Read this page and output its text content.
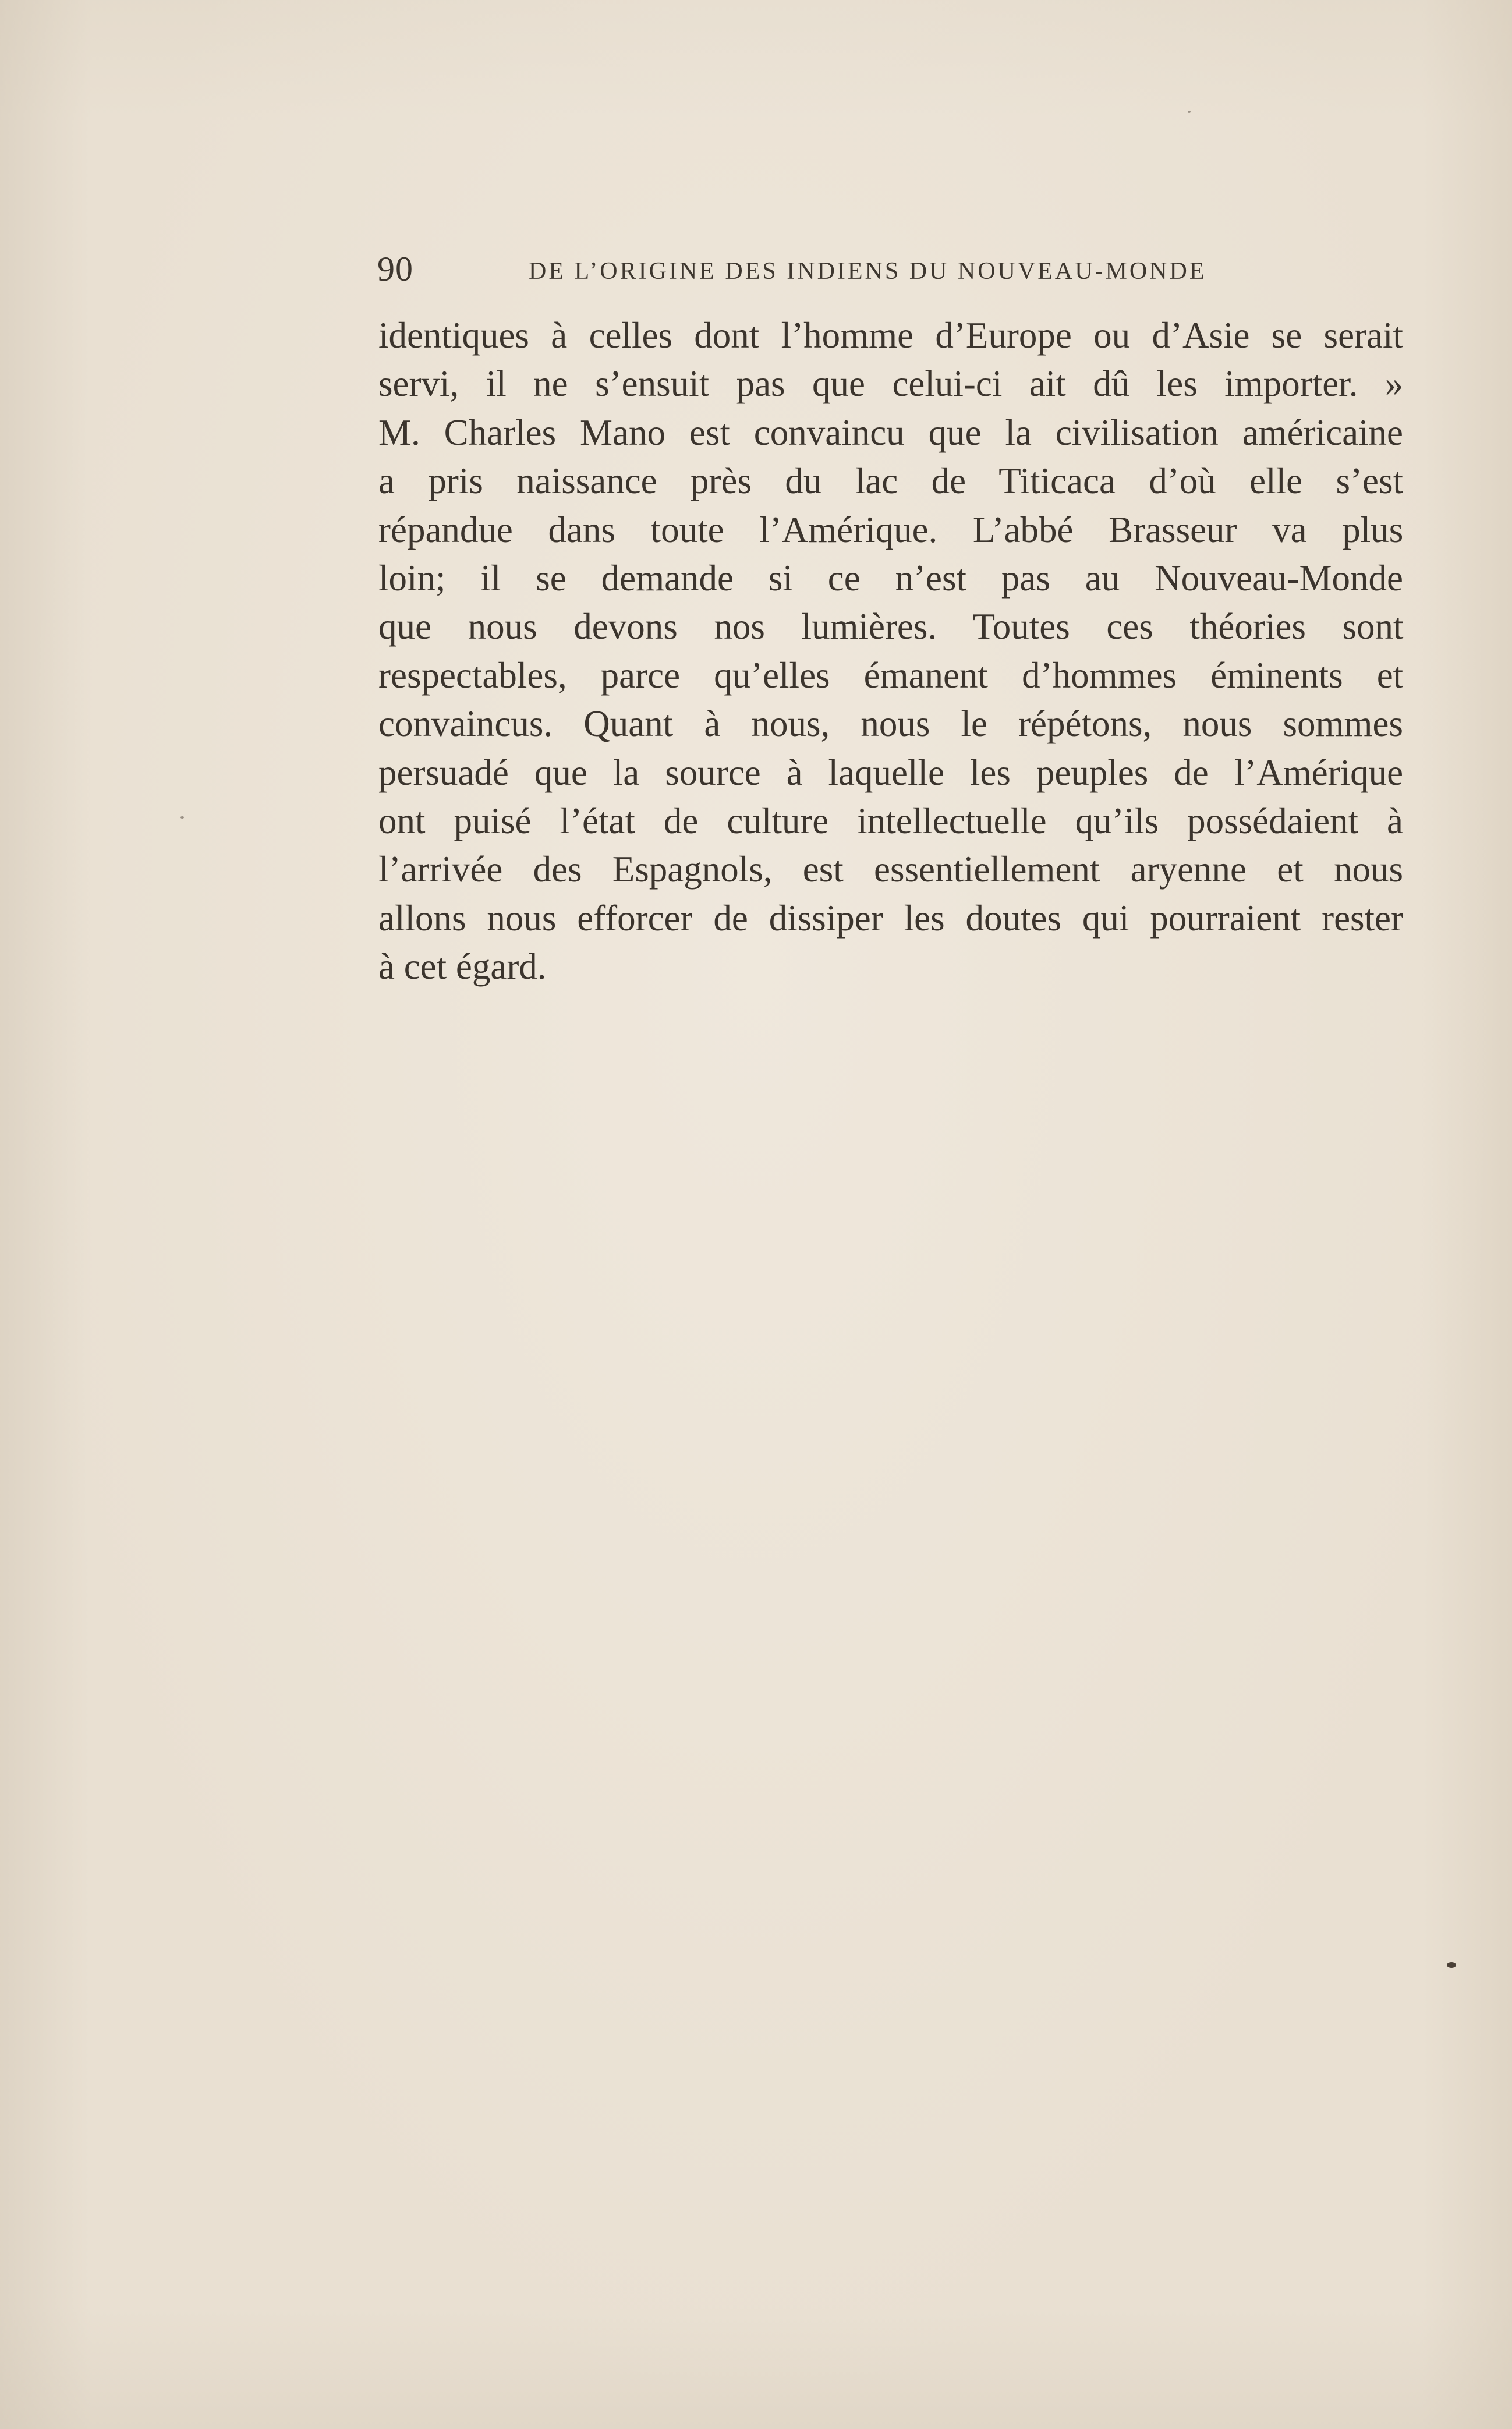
90	DE L’ORIGINE DES INDIENS DU NOUVEAU-MONDE
identiques à celles dont l’homme d’Europe ou d’Asie se serait
servi, il ne s’ensuit pas que celui-ci ait dû les importer. »
M. Charles Mano est convaincu que la civilisation américaine
a pris naissance près du lac de Titicaca d’où elle s’est
répandue dans toute l’Amérique. L’abbé Brasseur va plus
loin; il se demande si ce n’est pas au Nouveau-Monde
que nous devons nos lumières. Toutes ces théories sont
respectables, parce qu’elles émanent d’hommes éminents et
convaincus. Quant à nous, nous le répétons, nous sommes
persuadé que la source à laquelle les peuples de l’Amérique
ont puisé l’état de culture intellectuelle qu’ils possédaient à
l’arrivée des Espagnols, est essentiellement aryenne et nous
allons nous efforcer de dissiper les doutes qui pourraient rester
à cet égard.
